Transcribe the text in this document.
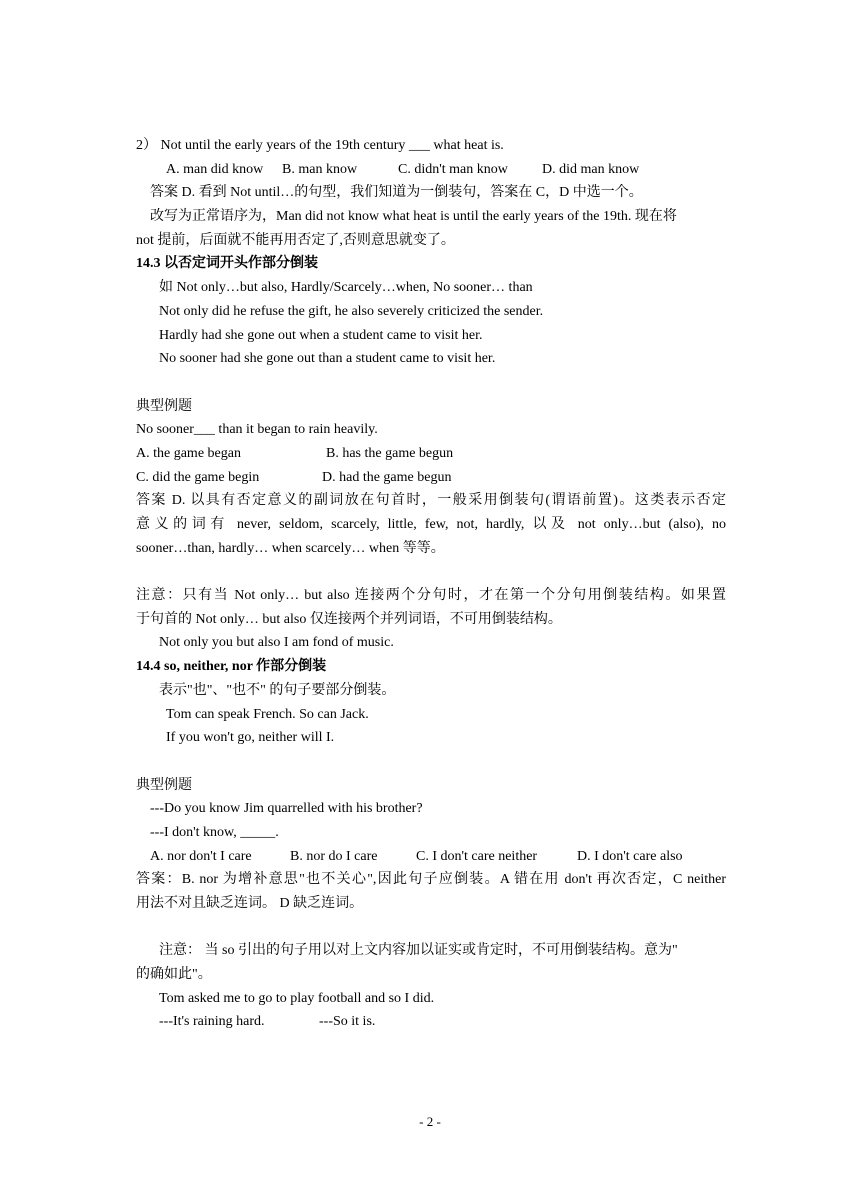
2） Not until the early years of the 19th century ___ what heat is.
A. man did know B. man know	C. didn't man know D. did man know
答案 D. 看到 Not until…的句型，我们知道为一倒装句，答案在 C，D 中选一个。
改写为正常语序为，Man did not know what heat is until the early years of the 19th. 现在将
not 提前，后面就不能再用否定了,否则意思就变了。
14.3 以否定词开头作部分倒装
如 Not only…but also, Hardly/Scarcely…when, No sooner… than
Not only did he refuse the gift, he also severely criticized the sender.
Hardly had she gone out when a student came to visit her.
No sooner had she gone out than a student came to visit her.
典型例题
No sooner___ than it began to rain heavily.
A. the game began	B. has the game begun
C. did the game begin	D. had the game begun
答案 D. 以具有否定意义的副词放在句首时，一般采用倒装句(谓语前置)。这类表示否定
意义的词有 never, seldom, scarcely, little, few, not, hardly, 以及 not only…but (also), no
sooner…than, hardly… when scarcely… when 等等。
注意：只有当 Not only… but also 连接两个分句时，才在第一个分句用倒装结构。如果置
于句首的 Not only… but also 仅连接两个并列词语，不可用倒装结构。
Not only you but also I am fond of music.
14.4 so, neither, nor 作部分倒装
表示"也"、"也不" 的句子要部分倒装。
Tom can speak French. So can Jack.
If you won't go, neither will I.
典型例题
---Do you know Jim quarrelled with his brother?
---I don't know, _____.
A. nor don't I care	B. nor do I care	C. I don't care neither	D. I don't care also
答案：B. nor 为增补意思"也不关心",因此句子应倒装。A 错在用 don't 再次否定，C neither
用法不对且缺乏连词。 D 缺乏连词。
注意： 当 so 引出的句子用以对上文内容加以证实或肯定时，不可用倒装结构。意为"
的确如此"。
Tom asked me to go to play football and so I did.
---It's raining hard.	---So it is.
- 2 -
